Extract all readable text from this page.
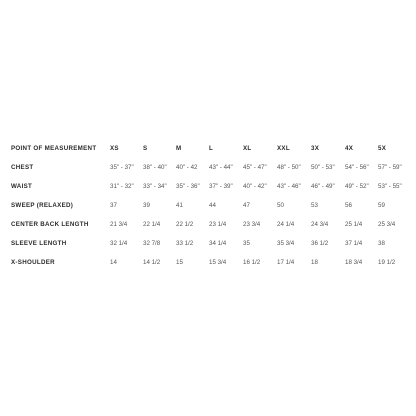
POINT OF MEASUREMENT	XS	S	M	L	XL	XXL	3X	4X	5X
CHEST	35" - 37"	38" - 40"	40" - 42	43" - 44"	45" - 47"	48" - 50"	50" - 53"	54" - 56"	57" - 59"
WAIST	31" - 32"	33" - 34"	35" - 36"	37" - 39"	40" - 42"	43" - 46"	46" - 49"	49" - 52"	53" - 55"
SWEEP (RELAXED)	37	39	41	44	47	50	53	56	59
CENTER BACK LENGTH	21 3/4	22 1/4	22 1/2	23 1/4	23 3/4	24 1/4	24 3/4	25 1/4	25 3/4
SLEEVE LENGTH	32 1/4	32 7/8	33 1/2	34 1/4	35	35 3/4	36 1/2	37 1/4	38
X-SHOULDER	14	14 1/2	15	15 3/4	16 1/2	17 1/4	18	18 3/4	19 1/2
